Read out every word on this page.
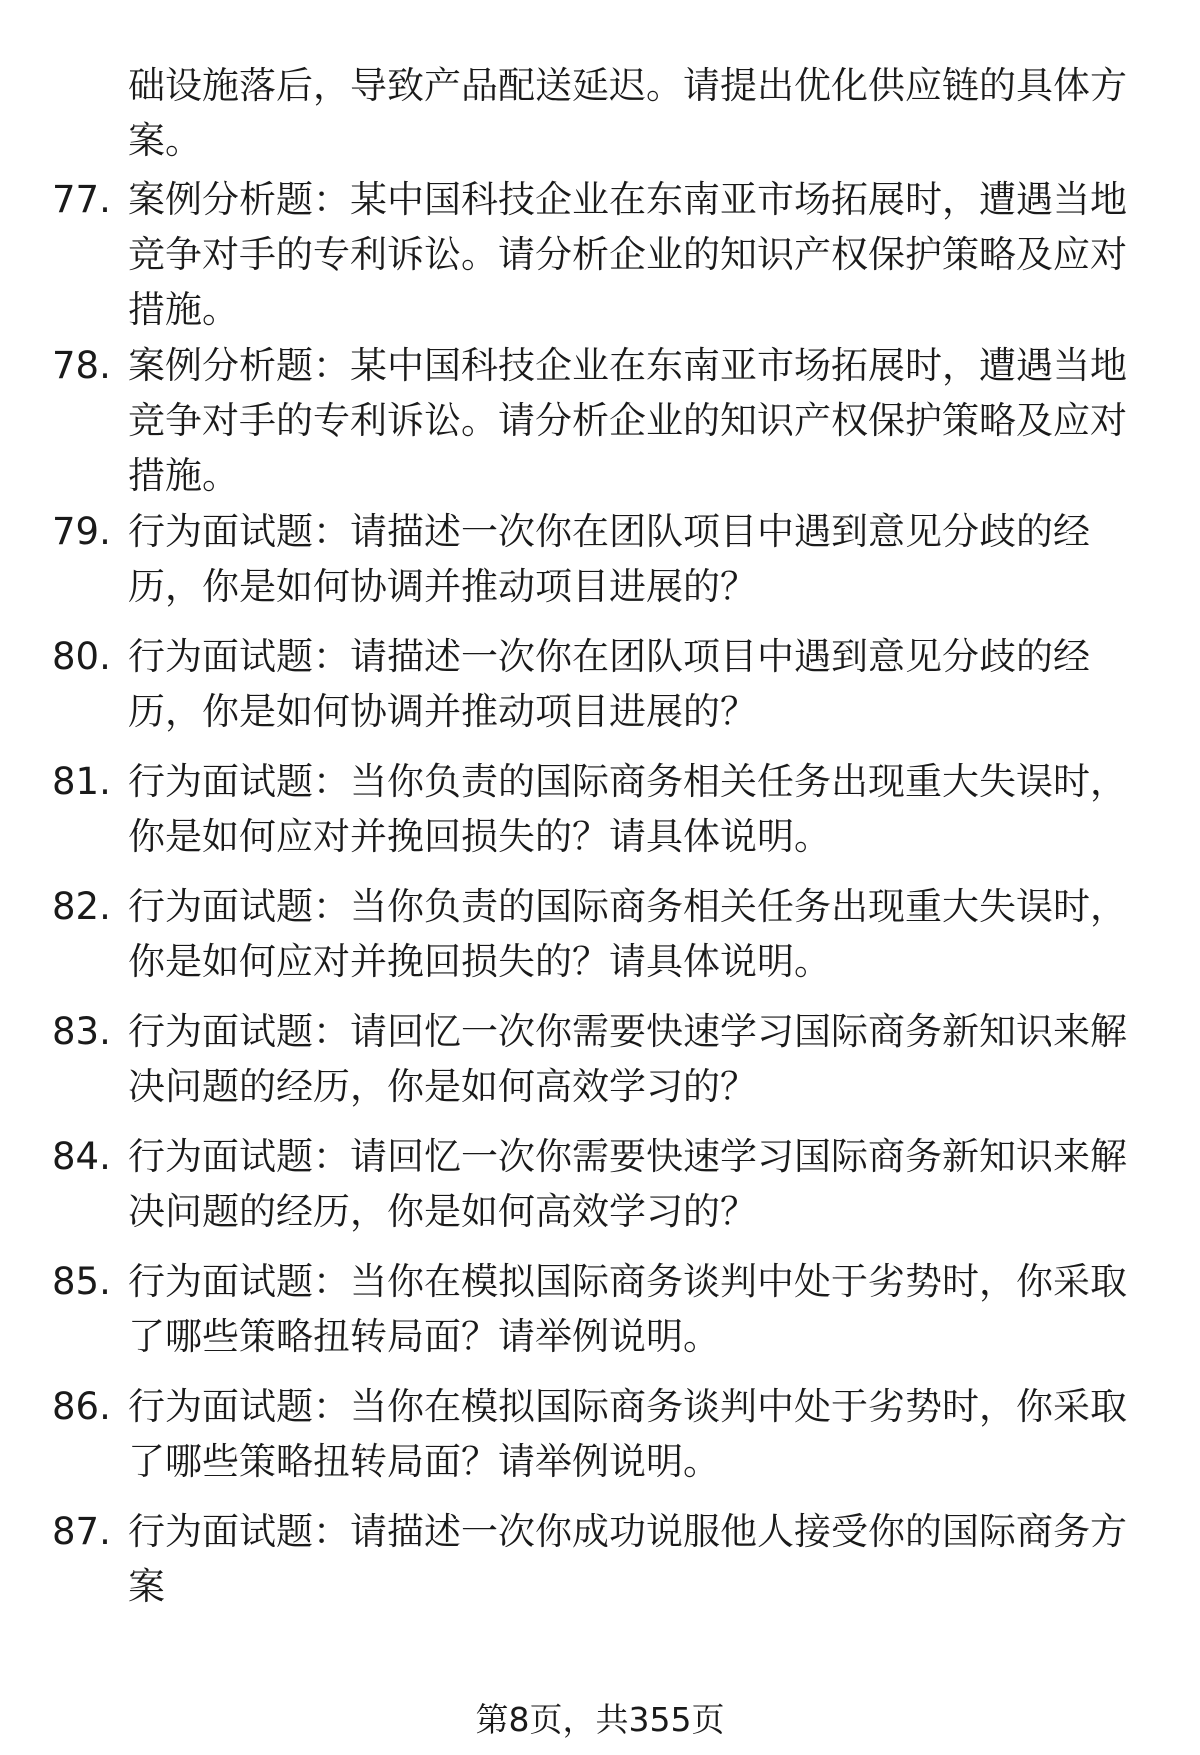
础设施落后，导致产品配送延迟。请提出优化供应链的具体方案。
77. 案例分析题：某中国科技企业在东南亚市场拓展时，遭遇当地竞争对手的专利诉讼。请分析企业的知识产权保护策略及应对措施。
78. 案例分析题：某中国科技企业在东南亚市场拓展时，遭遇当地竞争对手的专利诉讼。请分析企业的知识产权保护策略及应对措施。
79. 行为面试题：请描述一次你在团队项目中遇到意见分歧的经历，你是如何协调并推动项目进展的？
80. 行为面试题：请描述一次你在团队项目中遇到意见分歧的经历，你是如何协调并推动项目进展的？
81. 行为面试题：当你负责的国际商务相关任务出现重大失误时，你是如何应对并挽回损失的？请具体说明。
82. 行为面试题：当你负责的国际商务相关任务出现重大失误时，你是如何应对并挽回损失的？请具体说明。
83. 行为面试题：请回忆一次你需要快速学习国际商务新知识来解决问题的经历，你是如何高效学习的？
84. 行为面试题：请回忆一次你需要快速学习国际商务新知识来解决问题的经历，你是如何高效学习的？
85. 行为面试题：当你在模拟国际商务谈判中处于劣势时，你采取了哪些策略扭转局面？请举例说明。
86. 行为面试题：当你在模拟国际商务谈判中处于劣势时，你采取了哪些策略扭转局面？请举例说明。
87. 行为面试题：请描述一次你成功说服他人接受你的国际商务方案
第8页，共355页
